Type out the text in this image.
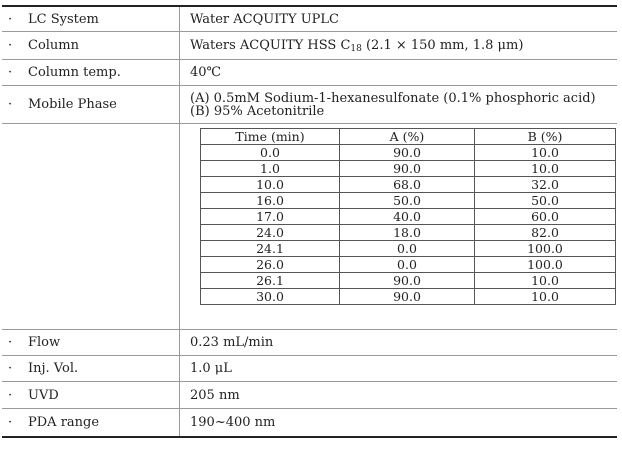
·	LC System	Water ACQUITY UPLC
·	Column	Waters ACQUITY HSS $C_{18}$ (2.1 × 150 mm, 1.8 μm)
·	Column temp.	40℃
·	Mobile Phase	(A) 0.5mM Sodium-1-hexanesulfonate (0.1% phosphoric acid)
(B) 95% Acetonitrile
Time (min)	A (%)	B (%)
0.0	90.0	10.0
1.0	90.0	10.0
10.0	68.0	32.0
16.0	50.0	50.0
17.0	40.0	60.0
24.0	18.0	82.0
24.1	0.0	100.0
26.0	0.0	100.0
26.1	90.0	10.0
30.0	90.0	10.0
·	Flow	0.23 mL/min
·	Inj. Vol.	1.0 μL
·	UVD	205 nm
·	PDA range	190~400 nm
